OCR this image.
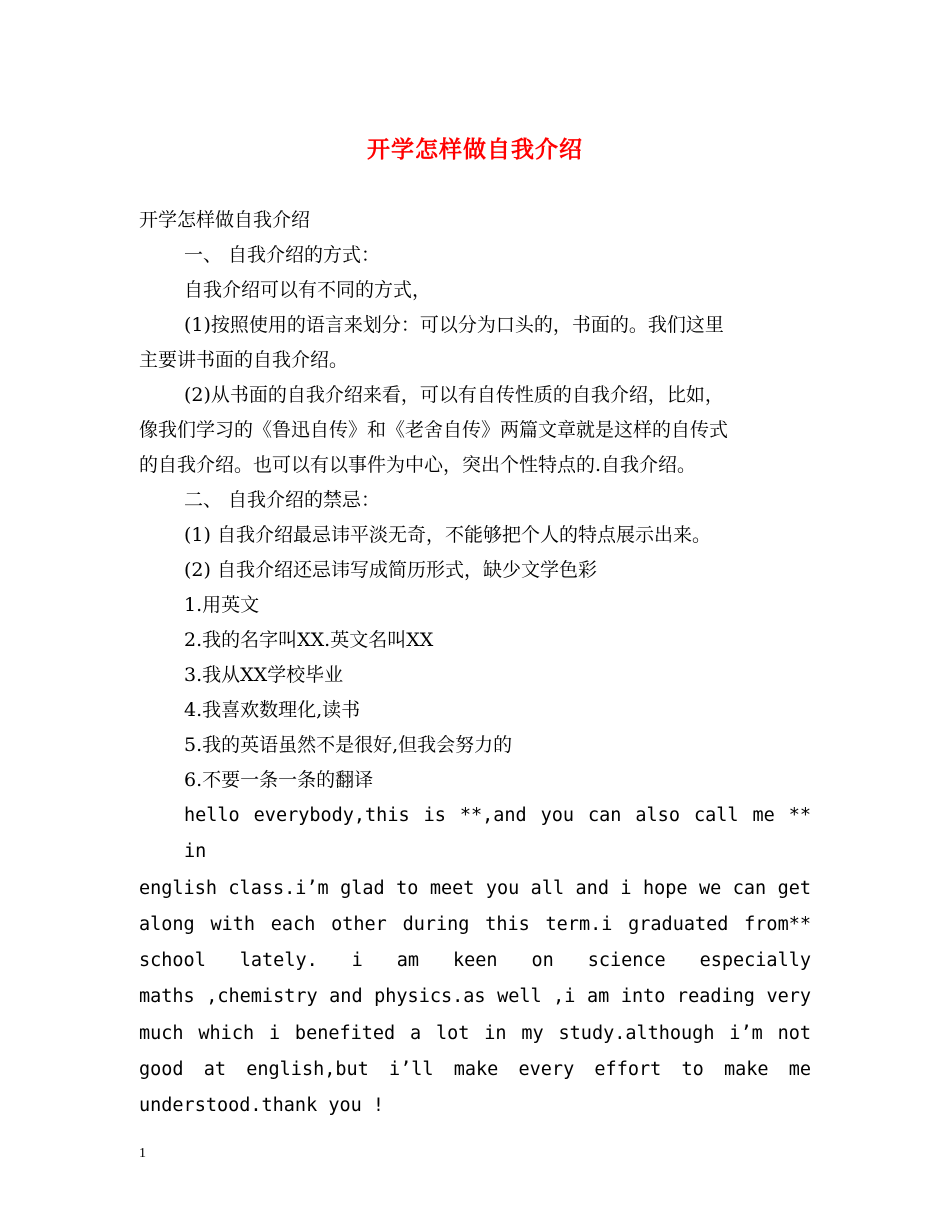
开学怎样做自我介绍

开学怎样做自我介绍

一、 自我介绍的方式：

自我介绍可以有不同的方式，

(1)按照使用的语言来划分：可以分为口头的，书面的。我们这里

主要讲书面的自我介绍。

(2)从书面的自我介绍来看，可以有自传性质的自我介绍，比如，

像我们学习的《鲁迅自传》和《老舍自传》两篇文章就是这样的自传式

的自我介绍。也可以有以事件为中心，突出个性特点的.自我介绍。

二、 自我介绍的禁忌：

(1) 自我介绍最忌讳平淡无奇，不能够把个人的特点展示出来。

(2) 自我介绍还忌讳写成简历形式，缺少文学色彩

1.用英文

2.我的名字叫XX.英文名叫XX

3.我从XX学校毕业

4.我喜欢数理化,读书

5.我的英语虽然不是很好,但我会努力的

6.不要一条一条的翻译

hello everybody,this is **,and you can also call me ** in
english class.i’m glad to meet you all and i hope we can get
along with each other during this term.i graduated from**
school lately. i am keen on science especially
maths ,chemistry and physics.as well ,i am into reading very
much which i benefited a lot in my study.although i’m not
good at english,but i’ll make every effort to make me
understood.thank you !
1
